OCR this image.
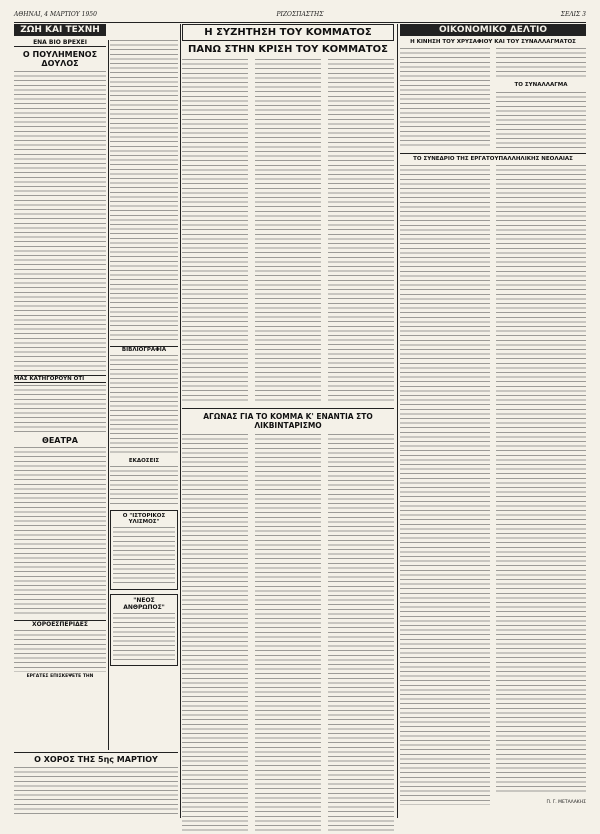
ΑΘΗΝΑΙ, 4 ΜΑΡΤΙΟΥ 1950	ΡΙΖΟΣΠΑΣΤΗΣ	ΣΕΛΙΣ 3
ΖΩΗ ΚΑΙ ΤΕΧΝΗ
ΕΝΑ ΒΙΟ ΒΡΕΧΕΙ
Ο ΠΟΥΛΗΜΕΝΟΣ ΔΟΥΛΟΣ
ΜΑΣ ΚΑΤΗΓΟΡΟΥΝ ΟΤΙ
ΘΕΑΤΡΑ
ΧΟΡΟΕΣΠΕΡΙΔΕΣ
ΕΡΓΑΤΕΣ ΕΠΙΣΚΕΨΕΤΕ ΤΗΝ
ΒΙΒΛΙΟΓΡΑΦΙΑ
ΕΚΔΟΣΕΙΣ
Ο "ΙΣΤΟΡΙΚΟΣ ΥΛΙΣΜΟΣ"
"ΝΕΟΣ ΑΝΘΡΩΠΟΣ"
Ο ΧΟΡΟΣ ΤΗΣ 5ης ΜΑΡΤΙΟΥ
Η ΣΥΖΗΤΗΣΗ ΤΟΥ ΚΟΜΜΑΤΟΣ
ΠΑΝΩ ΣΤΗΝ ΚΡΙΣΗ ΤΟΥ ΚΟΜΜΑΤΟΣ
ΑΓΩΝΑΣ ΓΙΑ ΤΟ ΚΟΜΜΑ Κ' ΕΝΑΝΤΙΑ ΣΤΟ ΛΙΚΒΙΝΤΑΡΙΣΜΟ
ΟΙΚΟΝΟΜΙΚΟ ΔΕΛΤΙΟ
Η ΚΙΝΗΣΗ ΤΟΥ ΧΡΥΣΑΦΙΟΥ ΚΑΙ ΤΟΥ ΣΥΝΑΛΛΑΓΜΑΤΟΣ
ΤΟ ΣΥΝΑΛΛΑΓΜΑ
ΤΟ ΣΥΝΕΔΡΙΟ ΤΗΣ ΕΡΓΑΤΟΥΠΑΛΛΗΛΙΚΗΣ ΝΕΟΛΑΙΑΣ
Π. Γ. ΜΕΤΑΛΑΚΗΣ
